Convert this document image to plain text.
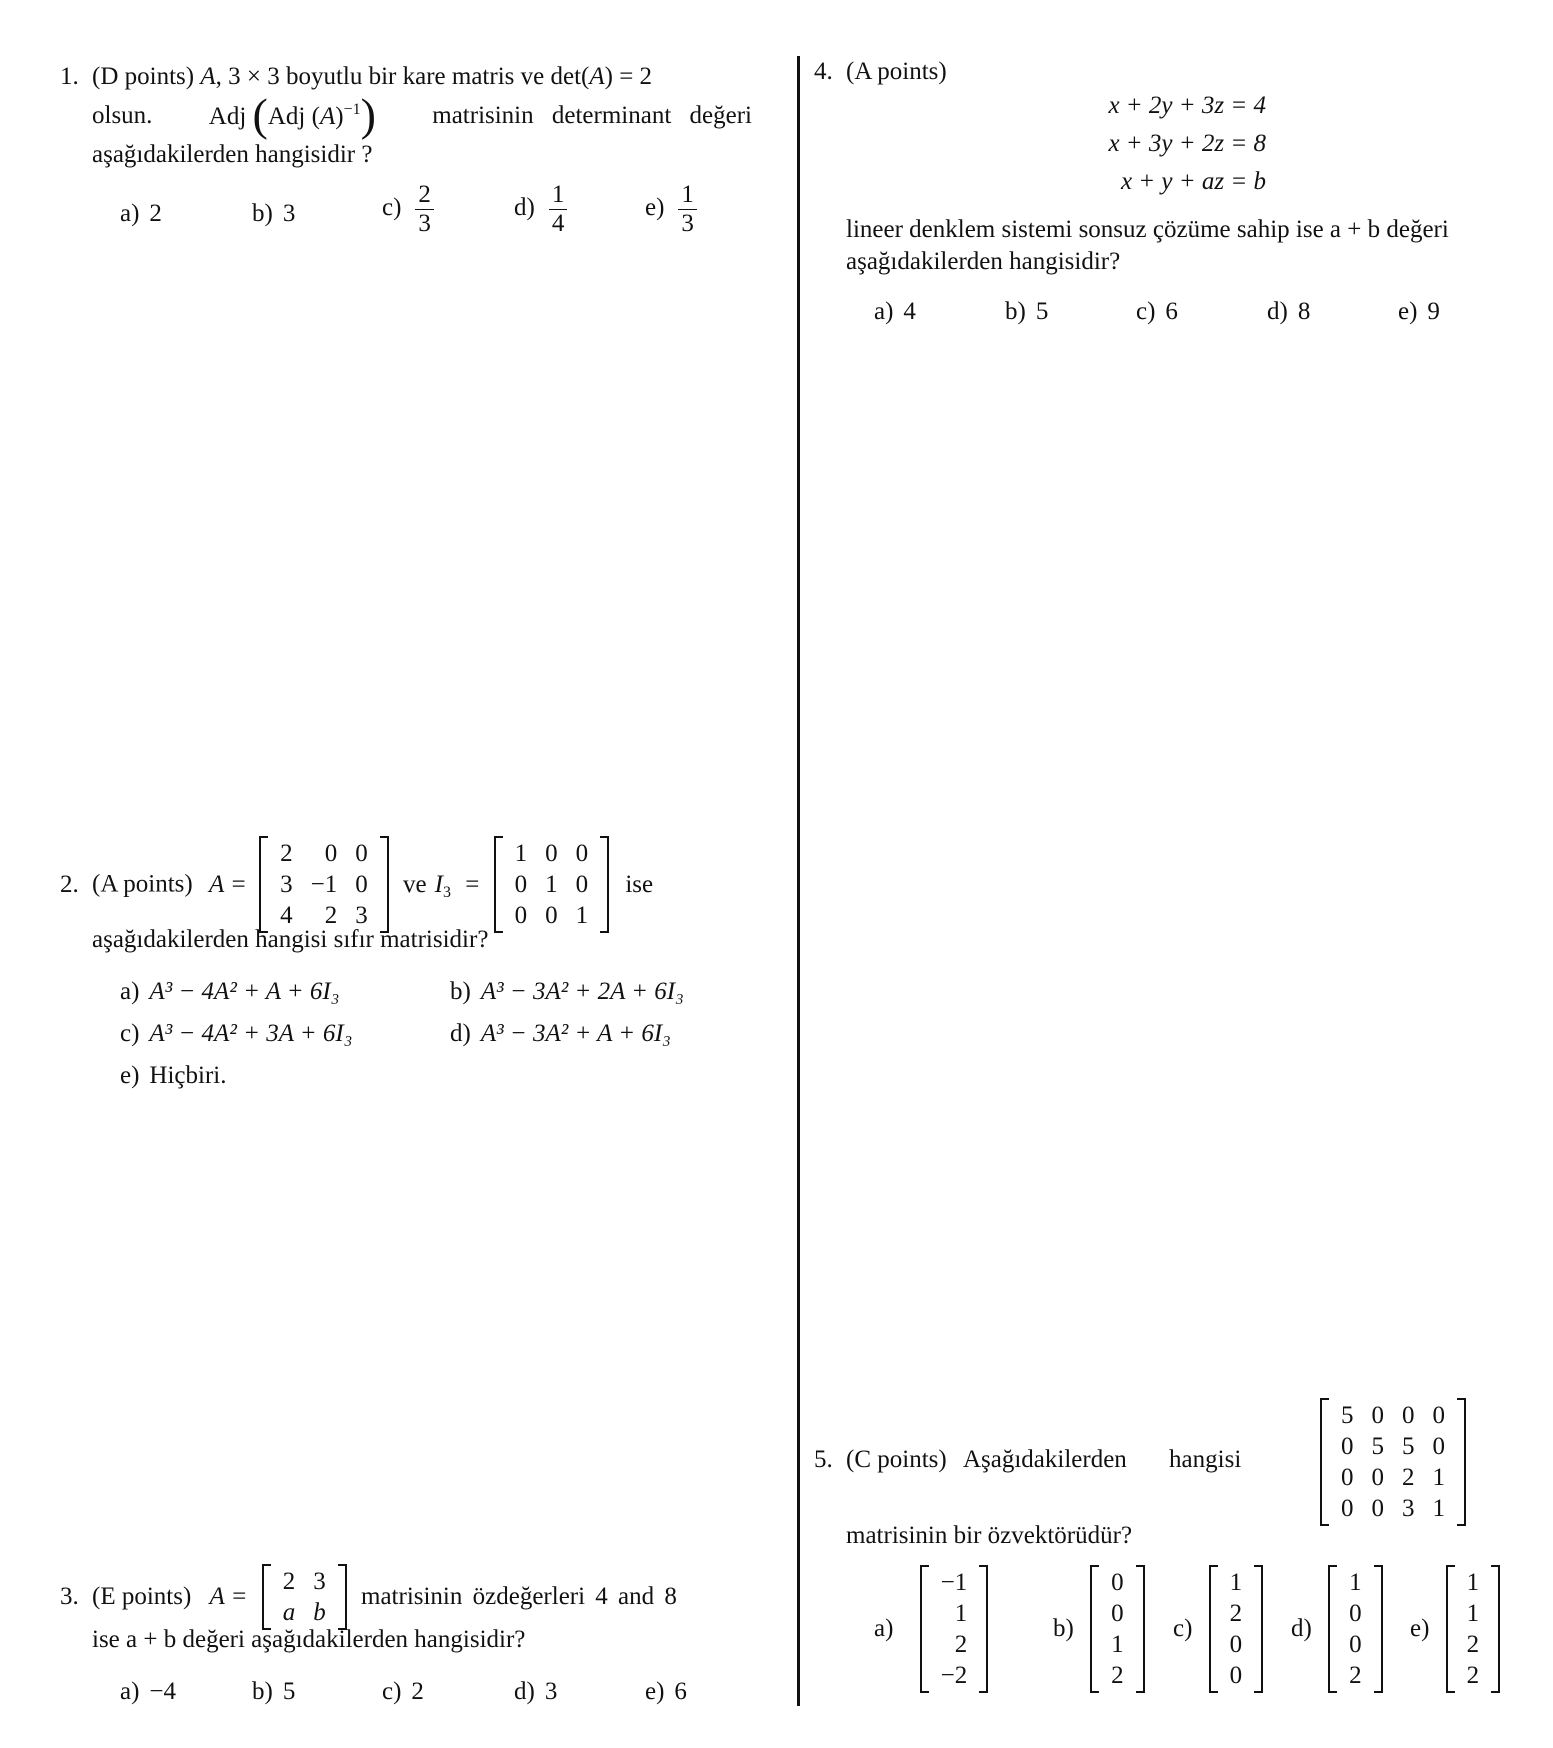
1. (D points) A, 3 × 3 boyutlu bir kare matris ve det(A) = 2
olsun. Adj (Adj $(A)^{-1}$) matrisinin determinant değeri
aşağıdakilerden hangisidir ?
a) 2	b) 3	$c) \frac{2}{3}$	$d) \frac{1}{4}$	$e) \frac{1}{3}$
2. (A points) A =
2	0	0
3	−1	0
4	2	3
ve $I_3$ =
1	0	0
0	1	0
0	0	1
ise
aşağıdakilerden hangisi sıfır matrisidir?
a) A³ − 4A² + A + 6I₃	b) A³ − 3A² + 2A + 6I₃
c) A³ − 4A² + 3A + 6I₃	d) A³ − 3A² + A + 6I₃
e) Hiçbiri.
3. (E points) A =
2	3
a	b
matrisinin özdeğerleri 4 and 8
ise a + b değeri aşağıdakilerden hangisidir?
a) −4	b) 5	c) 2	d) 3	e) 6
4. (A points)
x + 2y + 3z = 4
x + 3y + 2z = 8
x + y + az = b
lineer denklem sistemi sonsuz çözüme sahip ise a + b değeri
aşağıdakilerden hangisidir?
a) 4	b) 5	c) 6	d) 8	e) 9
5. (C points) Aşağıdakilerden hangisi
5	0	0	0
0	5	5	0
0	0	2	1
0	0	3	1
matrisinin bir özvektörüdür?
a)
−1
1
2
−2
b)
0
0
1
2
c)
1
2
0
0
d)
1
0
0
2
e)
1
1
2
2
